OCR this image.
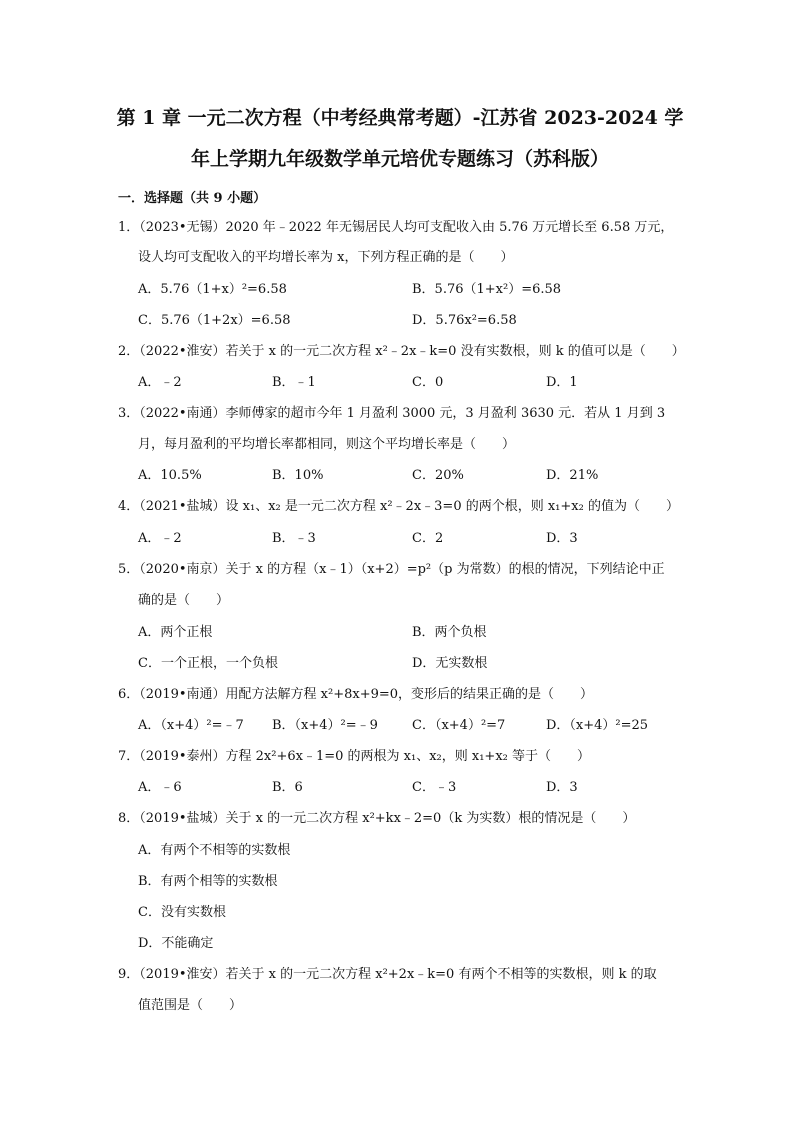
第 1 章 一元二次方程（中考经典常考题）-江苏省 2023-2024 学
年上学期九年级数学单元培优专题练习（苏科版）
一．选择题（共 9 小题）
1．（2023•无锡）2020 年﹣2022 年无锡居民人均可支配收入由 5.76 万元增长至 6.58 万元，
设人均可支配收入的平均增长率为 x，下列方程正确的是（　　）
A．5.76（1+x）²=6.58	B．5.76（1+x²）=6.58
C．5.76（1+2x）=6.58	D．5.76x²=6.58
2．（2022•淮安）若关于 x 的一元二次方程 x²﹣2x﹣k=0 没有实数根，则 k 的值可以是（　　）
A．﹣2	B．﹣1	C．0	D．1
3．（2022•南通）李师傅家的超市今年 1 月盈利 3000 元，3 月盈利 3630 元．若从 1 月到 3
月，每月盈利的平均增长率都相同，则这个平均增长率是（　　）
A．10.5%	B．10%	C．20%	D．21%
4．（2021•盐城）设 x₁、x₂ 是一元二次方程 x²﹣2x﹣3=0 的两个根，则 x₁+x₂ 的值为（　　）
A．﹣2	B．﹣3	C．2	D．3
5．（2020•南京）关于 x 的方程（x﹣1）（x+2）=p²（p 为常数）的根的情况，下列结论中正
确的是（　　）
A．两个正根	B．两个负根
C．一个正根，一个负根	D．无实数根
6．（2019•南通）用配方法解方程 x²+8x+9=0，变形后的结果正确的是（　　）
A．（x+4）²=﹣7 B．（x+4）²=﹣9	C．（x+4）²=7	D．（x+4）²=25
7．（2019•泰州）方程 2x²+6x﹣1=0 的两根为 x₁、x₂，则 x₁+x₂ 等于（　　）
A．﹣6	B．6	C．﹣3	D．3
8．（2019•盐城）关于 x 的一元二次方程 x²+kx﹣2=0（k 为实数）根的情况是（　　）
A．有两个不相等的实数根
B．有两个相等的实数根
C．没有实数根
D．不能确定
9．（2019•淮安）若关于 x 的一元二次方程 x²+2x﹣k=0 有两个不相等的实数根，则 k 的取
值范围是（　　）
